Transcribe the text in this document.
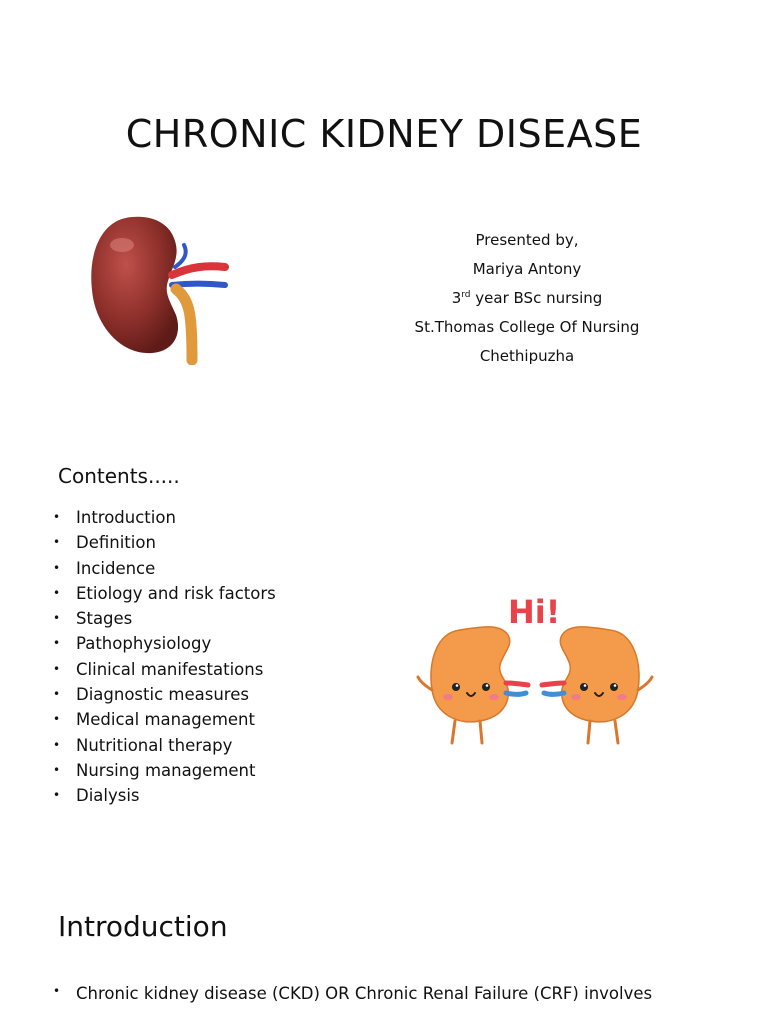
CHRONIC KIDNEY DISEASE
Presented by,
Mariya Antony
3rd year BSc nursing
St.Thomas College Of Nursing
Chethipuzha
Contents.....
• Introduction
• Definition
• Incidence
• Etiology and risk factors
• Stages
• Pathophysiology
• Clinical manifestations
• Diagnostic measures
• Medical management
• Nutritional therapy
• Nursing management
• Dialysis
Hi!
Introduction
• Chronic kidney disease (CKD) OR Chronic Renal Failure (CRF) involves
